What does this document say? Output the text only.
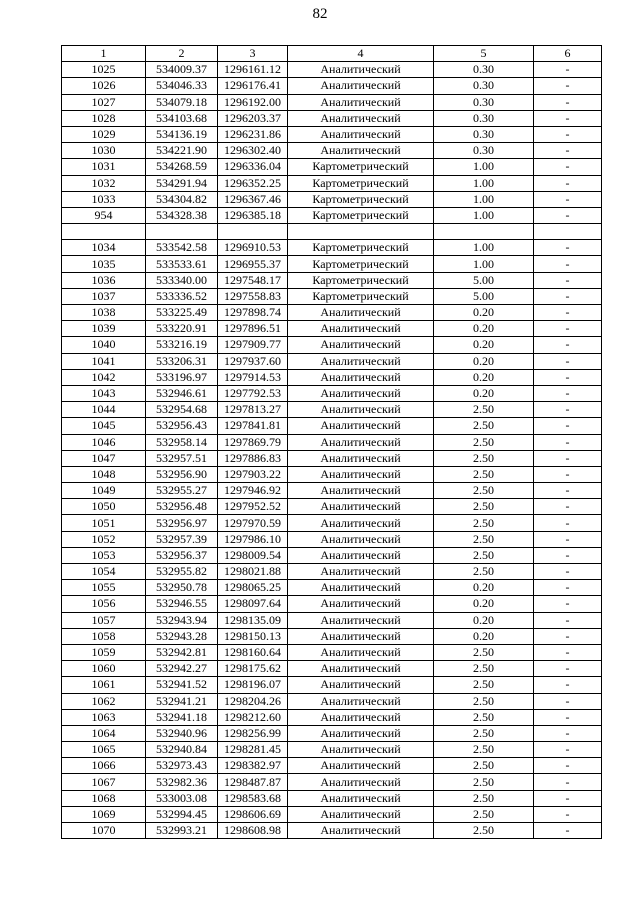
82
1	2	3	4	5	6
1025	534009.37	1296161.12	Аналитический	0.30	-
1026	534046.33	1296176.41	Аналитический	0.30	-
1027	534079.18	1296192.00	Аналитический	0.30	-
1028	534103.68	1296203.37	Аналитический	0.30	-
1029	534136.19	1296231.86	Аналитический	0.30	-
1030	534221.90	1296302.40	Аналитический	0.30	-
1031	534268.59	1296336.04	Картометрический	1.00	-
1032	534291.94	1296352.25	Картометрический	1.00	-
1033	534304.82	1296367.46	Картометрический	1.00	-
954	534328.38	1296385.18	Картометрический	1.00	-

1034	533542.58	1296910.53	Картометрический	1.00	-
1035	533533.61	1296955.37	Картометрический	1.00	-
1036	533340.00	1297548.17	Картометрический	5.00	-
1037	533336.52	1297558.83	Картометрический	5.00	-
1038	533225.49	1297898.74	Аналитический	0.20	-
1039	533220.91	1297896.51	Аналитический	0.20	-
1040	533216.19	1297909.77	Аналитический	0.20	-
1041	533206.31	1297937.60	Аналитический	0.20	-
1042	533196.97	1297914.53	Аналитический	0.20	-
1043	532946.61	1297792.53	Аналитический	0.20	-
1044	532954.68	1297813.27	Аналитический	2.50	-
1045	532956.43	1297841.81	Аналитический	2.50	-
1046	532958.14	1297869.79	Аналитический	2.50	-
1047	532957.51	1297886.83	Аналитический	2.50	-
1048	532956.90	1297903.22	Аналитический	2.50	-
1049	532955.27	1297946.92	Аналитический	2.50	-
1050	532956.48	1297952.52	Аналитический	2.50	-
1051	532956.97	1297970.59	Аналитический	2.50	-
1052	532957.39	1297986.10	Аналитический	2.50	-
1053	532956.37	1298009.54	Аналитический	2.50	-
1054	532955.82	1298021.88	Аналитический	2.50	-
1055	532950.78	1298065.25	Аналитический	0.20	-
1056	532946.55	1298097.64	Аналитический	0.20	-
1057	532943.94	1298135.09	Аналитический	0.20	-
1058	532943.28	1298150.13	Аналитический	0.20	-
1059	532942.81	1298160.64	Аналитический	2.50	-
1060	532942.27	1298175.62	Аналитический	2.50	-
1061	532941.52	1298196.07	Аналитический	2.50	-
1062	532941.21	1298204.26	Аналитический	2.50	-
1063	532941.18	1298212.60	Аналитический	2.50	-
1064	532940.96	1298256.99	Аналитический	2.50	-
1065	532940.84	1298281.45	Аналитический	2.50	-
1066	532973.43	1298382.97	Аналитический	2.50	-
1067	532982.36	1298487.87	Аналитический	2.50	-
1068	533003.08	1298583.68	Аналитический	2.50	-
1069	532994.45	1298606.69	Аналитический	2.50	-
1070	532993.21	1298608.98	Аналитический	2.50	-
